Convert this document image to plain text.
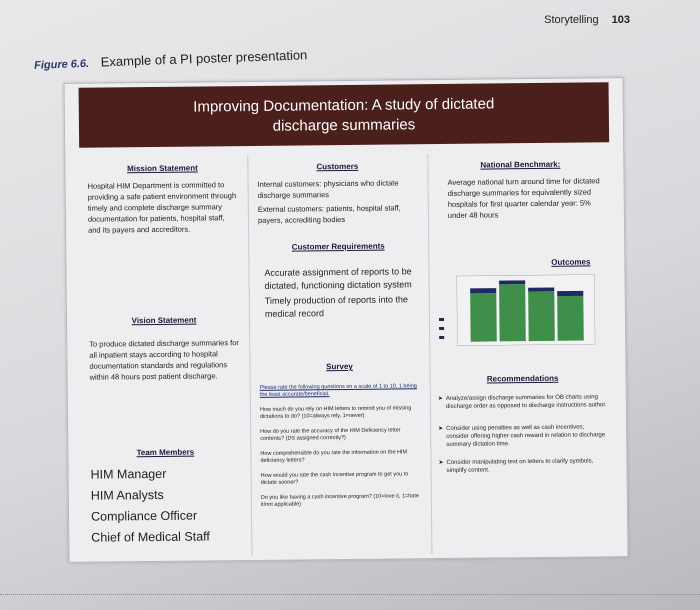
Storytelling 103
Figure 6.6. Example of a PI poster presentation
Improving Documentation: A study of dictated
discharge summaries
Mission Statement
Hospital HIM Department is committed to providing a safe patient environment through timely and complete discharge summary documentation for patients, hospital staff, and its payers and accreditors.
Vision Statement
To produce dictated discharge summaries for all inpatient stays according to hospital documentation standards and regulations within 48 hours post patient discharge.
Team Members
HIM Manager
HIM Analysts
Compliance Officer
Chief of Medical Staff
Customers
Internal customers: physicians who dictate discharge summaries
External customers: patients, hospital staff, payers, accrediting bodies
Customer Requirements
Accurate assignment of reports to be dictated, functioning dictation system
Timely production of reports into the medical record
Survey
Please rate the following questions on a scale of 1 to 10, 1 being the least accurate/beneficial.
How much do you rely on HIM letters to remind you of missing dictations to do? (10=always rely, 1=never)
How do you rate the accuracy of the HIM Deficiency letter contents? (DS assigned correctly?)
How comprehensible do you rate the information on the HIM deficiency letters?
How would you rate the cash incentive program to get you to dictate sooner?
Do you like having a cash incentive program? (10=love it, 1=hate it/not applicable)
National Benchmark:
Average national turn around time for dictated discharge summaries for equivalently sized hospitals for first quarter calendar year: 5% under 48 hours
Outcomes
Recommendations
➤ Analyze/assign discharge summaries for OB charts using discharge order as opposed to discharge instructions author.
➤ Consider using penalties as well as cash incentives; consider offering higher cash reward in relation to discharge summary dictation time.
➤ Consider manipulating text on letters to clarify symbols, simplify content.
